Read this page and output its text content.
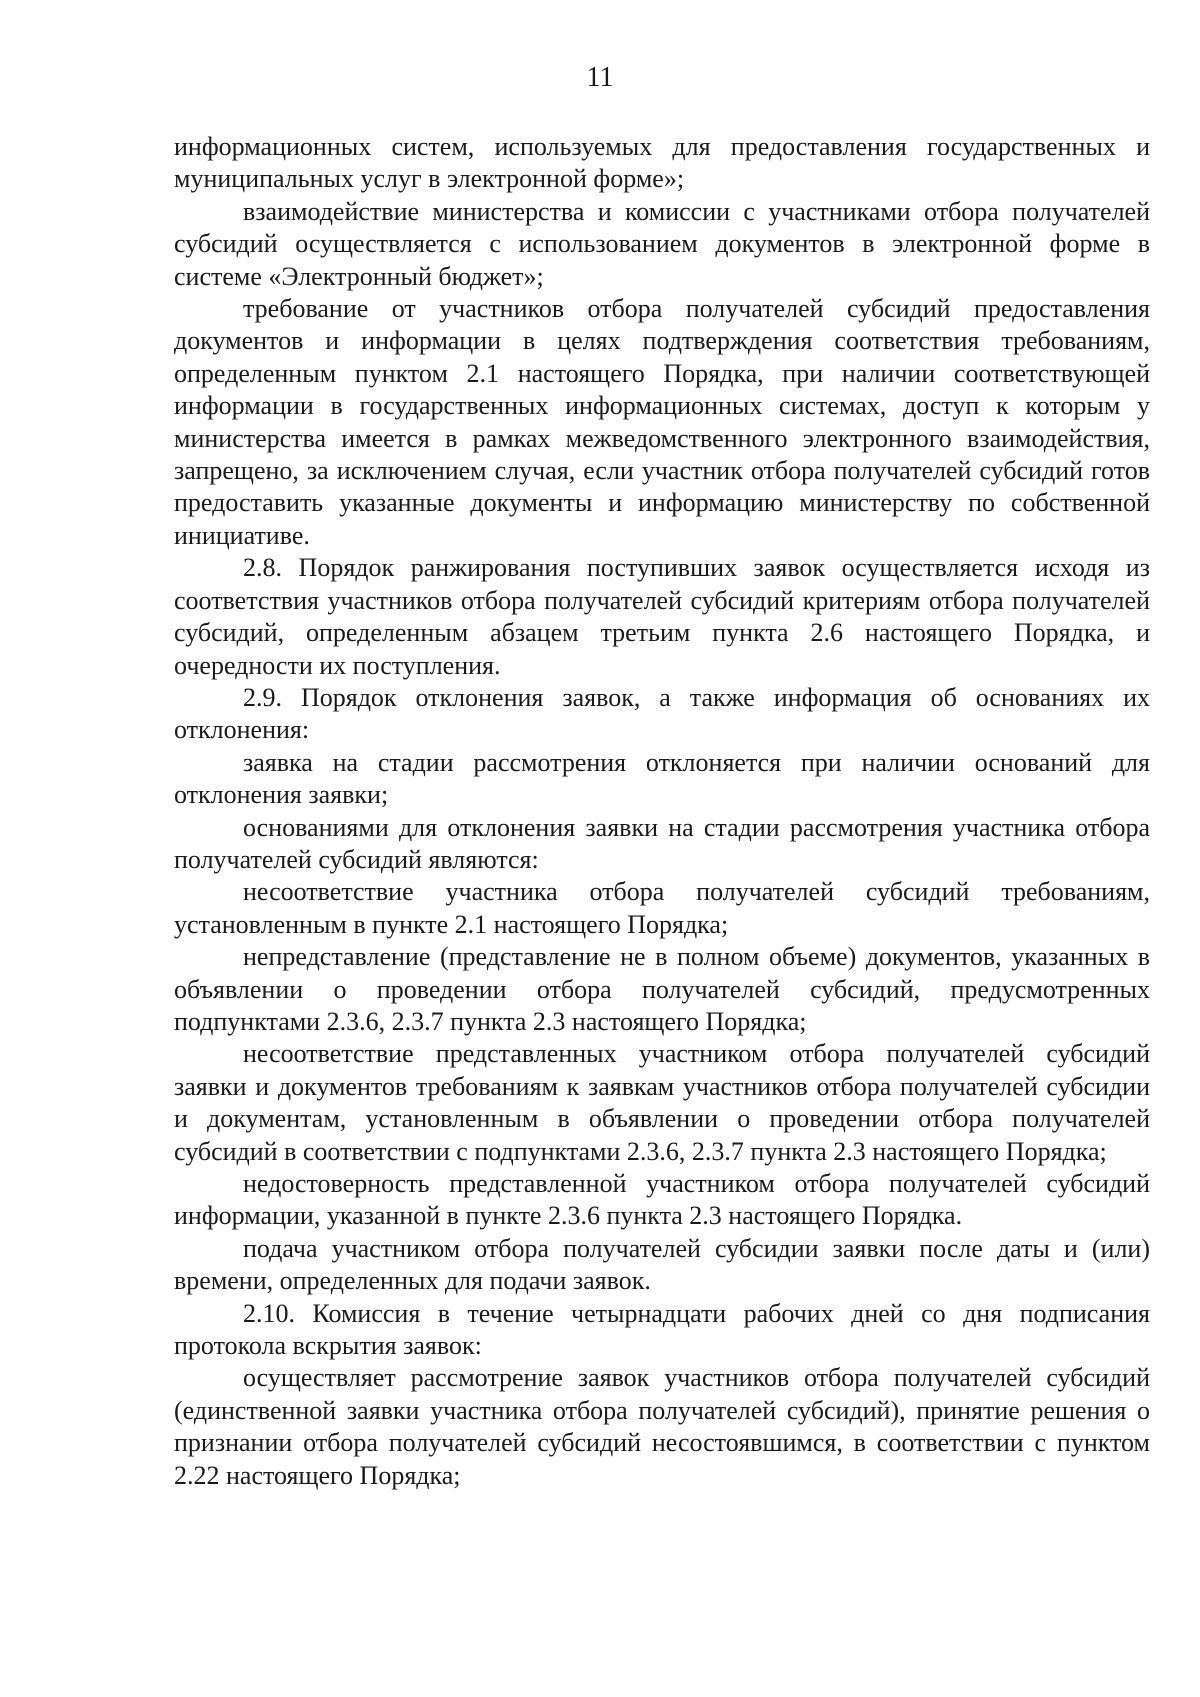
11

информационных систем, используемых для предоставления государственных и муниципальных услуг в электронной форме»;

взаимодействие министерства и комиссии с участниками отбора получателей субсидий осуществляется с использованием документов в электронной форме в системе «Электронный бюджет»;

требование от участников отбора получателей субсидий предоставления документов и информации в целях подтверждения соответствия требованиям, определенным пунктом 2.1 настоящего Порядка, при наличии соответствующей информации в государственных информационных системах, доступ к которым у министерства имеется в рамках межведомственного электронного взаимодействия, запрещено, за исключением случая, если участник отбора получателей субсидий готов предоставить указанные документы и информацию министерству по собственной инициативе.

2.8. Порядок ранжирования поступивших заявок осуществляется исходя из соответствия участников отбора получателей субсидий критериям отбора получателей субсидий, определенным абзацем третьим пункта 2.6 настоящего Порядка, и очередности их поступления.

2.9. Порядок отклонения заявок, а также информация об основаниях их отклонения:

заявка на стадии рассмотрения отклоняется при наличии оснований для отклонения заявки;

основаниями для отклонения заявки на стадии рассмотрения участника отбора получателей субсидий являются:

несоответствие участника отбора получателей субсидий требованиям, установленным в пункте 2.1 настоящего Порядка;

непредставление (представление не в полном объеме) документов, указанных в объявлении о проведении отбора получателей субсидий, предусмотренных подпунктами 2.3.6, 2.3.7 пункта 2.3 настоящего Порядка;

несоответствие представленных участником отбора получателей субсидий заявки и документов требованиям к заявкам участников отбора получателей субсидии и документам, установленным в объявлении о проведении отбора получателей субсидий в соответствии с подпунктами 2.3.6, 2.3.7 пункта 2.3 настоящего Порядка;

недостоверность представленной участником отбора получателей субсидий информации, указанной в пункте 2.3.6 пункта 2.3 настоящего Порядка.

подача участником отбора получателей субсидии заявки после даты и (или) времени, определенных для подачи заявок.

2.10. Комиссия в течение четырнадцати рабочих дней со дня подписания протокола вскрытия заявок:

осуществляет рассмотрение заявок участников отбора получателей субсидий (единственной заявки участника отбора получателей субсидий), принятие решения о признании отбора получателей субсидий несостоявшимся, в соответствии с пунктом 2.22 настоящего Порядка;
